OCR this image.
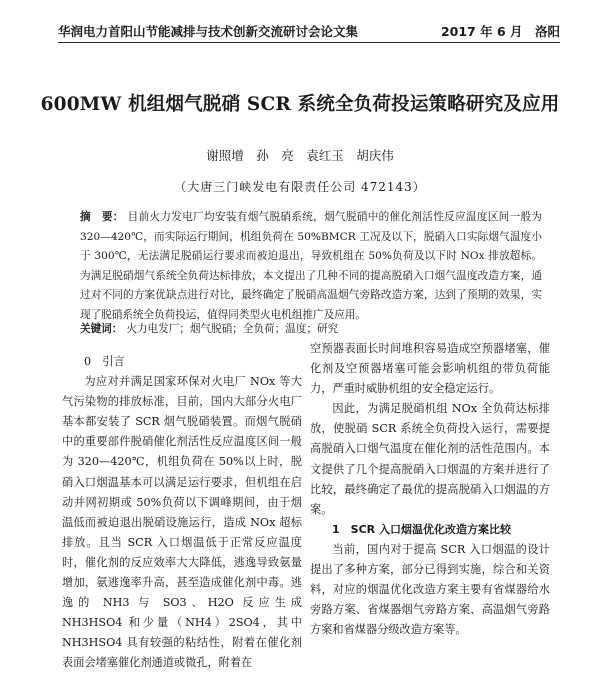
华润电力首阳山节能减排与技术创新交流研讨会论文集	2017 年 6 月　洛阳
600MW 机组烟气脱硝 SCR 系统全负荷投运策略研究及应用
谢照增　孙　亮　袁红玉　胡庆伟
（大唐三门峡发电有限责任公司 472143）
摘　要： 目前火力发电厂均安装有烟气脱硝系统，烟气脱硝中的催化剂活性反应温度区间一般为 320—420℃，而实际运行期间，机组负荷在 50%BMCR 工况及以下，脱硝入口实际烟气温度小于 300℃，无法满足脱硝运行要求而被迫退出，导致机组在 50%负荷及以下时 NOx 排放超标。为满足脱硝烟气系统全负荷达标排放，本文提出了几种不同的提高脱硝入口烟气温度改造方案，通过对不同的方案优缺点进行对比，最终确定了脱硝高温烟气旁路改造方案，达到了预期的效果，实现了脱硝系统全负荷投运，值得同类型火电机组推广及应用。
关键词： 火力电发厂；烟气脱硝；全负荷；温度；研究
0　引言

为应对并满足国家环保对火电厂 NOx 等大气污染物的排放标准，目前，国内大部分火电厂基本都安装了 SCR 烟气脱硝装置。而烟气脱硝中的重要部件脱硝催化剂活性反应温度区间一般为 320—420℃，机组负荷在 50%以上时，脱硝入口烟温基本可以满足运行要求，但机组在启动并网初期或 50%负荷以下调峰期间，由于烟温低而被迫退出脱硝设施运行，造成 NOx 超标排放。且当 SCR 入口烟温低于正常反应温度时，催化剂的反应效率大大降低，逃逸导致氨量增加，氨逃逸率升高，甚至造成催化剂中毒。逃逸的 NH3 与 SO3、H2O 反应生成 NH3HSO4 和少量（NH4）2SO4，其中 NH3HSO4 具有较强的粘结性，附着在催化剂表面会堵塞催化剂通道或微孔，附着在

空预器表面长时间堆积容易造成空预器堵塞，催化剂及空预器堵塞可能会影响机组的带负荷能力，严重时威胁机组的安全稳定运行。

因此，为满足脱硝机组 NOx 全负荷达标排放，使脱硝 SCR 系统全负荷投入运行，需要提高脱硝入口烟气温度在催化剂的活性范围内。本文提供了几个提高脱硝入口烟温的方案并进行了比较，最终确定了最优的提高脱硝入口烟温的方案。

1　SCR 入口烟温优化改造方案比较

当前，国内对于提高 SCR 入口烟温的设计提出了多种方案，部分已得到实施，综合和关资料，对应的烟温优化改造方案主要有省煤器给水旁路方案、省煤器烟气旁路方案、高温烟气旁路方案和省煤器分级改造方案等。
